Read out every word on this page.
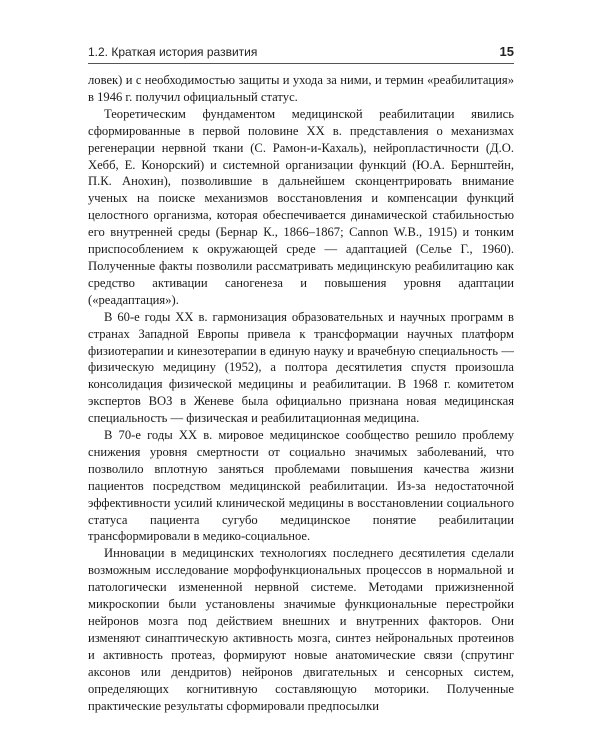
1.2. Краткая история развития	15

ловек) и с необходимостью защиты и ухода за ними, и термин «реабилитация» в 1946 г. получил официальный статус.

Теоретическим фундаментом медицинской реабилитации явились сформированные в первой половине XX в. представления о механизмах регенерации нервной ткани (С. Рамон-и-Кахаль), нейропластичности (Д.О. Хебб, Е. Конорский) и системной организации функций (Ю.А. Бернштейн, П.К. Анохин), позволившие в дальнейшем сконцентрировать внимание ученых на поиске механизмов восстановления и компенсации функций целостного организма, которая обеспечивается динамической стабильностью его внутренней среды (Бернар К., 1866–1867; Cannon W.B., 1915) и тонким приспособлением к окружающей среде — адаптацией (Селье Г., 1960). Полученные факты позволили рассматривать медицинскую реабилитацию как средство активации саногенеза и повышения уровня адаптации («реадаптация»).

В 60-е годы XX в. гармонизация образовательных и научных программ в странах Западной Европы привела к трансформации научных платформ физиотерапии и кинезотерапии в единую науку и врачебную специальность — физическую медицину (1952), а полтора десятилетия спустя произошла консолидация физической медицины и реабилитации. В 1968 г. комитетом экспертов ВОЗ в Женеве была официально признана новая медицинская специальность — физическая и реабилитационная медицина.

В 70-е годы XX в. мировое медицинское сообщество решило проблему снижения уровня смертности от социально значимых заболеваний, что позволило вплотную заняться проблемами повышения качества жизни пациентов посредством медицинской реабилитации. Из-за недостаточной эффективности усилий клинической медицины в восстановлении социального статуса пациента сугубо медицинское понятие реабилитации трансформировали в медико-социальное.

Инновации в медицинских технологиях последнего десятилетия сделали возможным исследование морфофункциональных процессов в нормальной и патологически измененной нервной системе. Методами прижизненной микроскопии были установлены значимые функциональные перестройки нейронов мозга под действием внешних и внутренних факторов. Они изменяют синаптическую активность мозга, синтез нейрональных протеинов и активность протеаз, формируют новые анатомические связи (спрутинг аксонов или дендритов) нейронов двигательных и сенсорных систем, определяющих когнитивную составляющую моторики. Полученные практические результаты сформировали предпосылки
